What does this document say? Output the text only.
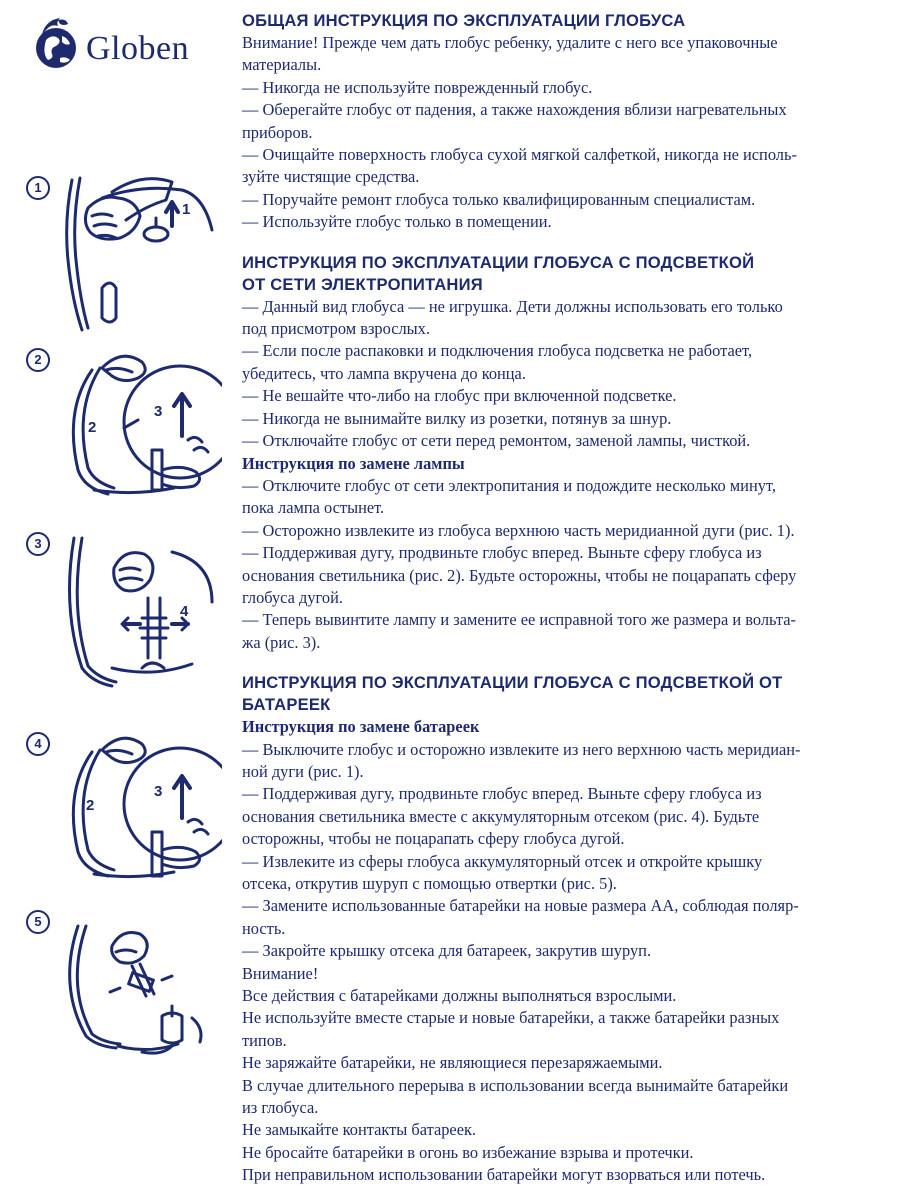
Globen
1
1
2
2
3
3
4
4
2
3
5
ОБЩАЯ ИНСТРУКЦИЯ ПО ЭКСПЛУАТАЦИИ ГЛОБУСА

Внимание! Прежде чем дать глобус ребенку, удалите с него все упаковочные

материалы.

— Никогда не используйте поврежденный глобус.

— Оберегайте глобус от падения, а также нахождения вблизи нагревательных

приборов.

— Очищайте поверхность глобуса сухой мягкой салфеткой, никогда не исполь-

зуйте чистящие средства.

— Поручайте ремонт глобуса только квалифицированным специалистам.

— Используйте глобус только в помещении.

ИНСТРУКЦИЯ ПО ЭКСПЛУАТАЦИИ ГЛОБУСА С ПОДСВЕТКОЙ
ОТ СЕТИ ЭЛЕКТРОПИТАНИЯ

— Данный вид глобуса — не игрушка. Дети должны использовать его только

под присмотром взрослых.

— Если после распаковки и подключения глобуса подсветка не работает,

убедитесь, что лампа вкручена до конца.

— Не вешайте что-либо на глобус при включенной подсветке.

— Никогда не вынимайте вилку из розетки, потянув за шнур.

— Отключайте глобус от сети перед ремонтом, заменой лампы, чисткой.

Инструкция по замене лампы

— Отключите глобус от сети электропитания и подождите несколько минут,

пока лампа остынет.

— Осторожно извлеките из глобуса верхнюю часть меридианной дуги (рис. 1).

— Поддерживая дугу, продвиньте глобус вперед. Выньте сферу глобуса из

основания светильника (рис. 2). Будьте осторожны, чтобы не поцарапать сферу

глобуса дугой.

— Теперь вывинтите лампу и замените ее исправной того же размера и вольта-

жа (рис. 3).

ИНСТРУКЦИЯ ПО ЭКСПЛУАТАЦИИ ГЛОБУСА С ПОДСВЕТКОЙ ОТ
БАТАРЕЕК
Инструкция по замене батареек

— Выключите глобус и осторожно извлеките из него верхнюю часть меридиан-

ной дуги (рис. 1).

— Поддерживая дугу, продвиньте глобус вперед. Выньте сферу глобуса из

основания светильника вместе с аккумуляторным отсеком (рис. 4). Будьте

осторожны, чтобы не поцарапать сферу глобуса дугой.

— Извлеките из сферы глобуса аккумуляторный отсек и откройте крышку

отсека, открутив шуруп с помощью отвертки (рис. 5).

— Замените использованные батарейки на новые размера АА, соблюдая поляр-

ность.

— Закройте крышку отсека для батареек, закрутив шуруп.

Внимание!

Все действия с батарейками должны выполняться взрослыми.

Не используйте вместе старые и новые батарейки, а также батарейки разных

типов.

Не заряжайте батарейки, не являющиеся перезаряжаемыми.

В случае длительного перерыва в использовании всегда вынимайте батарейки

из глобуса.

Не замыкайте контакты батареек.

Не бросайте батарейки в огонь во избежание взрыва и протечки.

При неправильном использовании батарейки могут взорваться или потечь.
